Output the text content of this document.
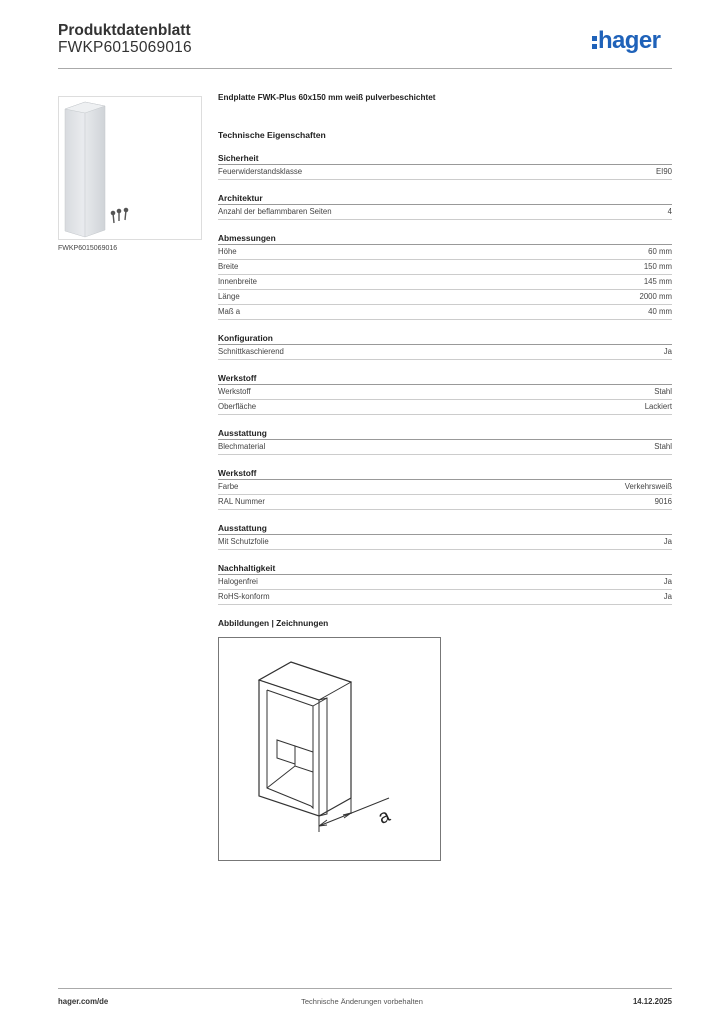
Produktdatenblatt
FWKP6015069016	hager
FWKP6015069016
Endplatte FWK-Plus 60x150 mm weiß pulverbeschichtet
Technische Eigenschaften
Sicherheit
Feuerwiderstandsklasse	EI90
Architektur
Anzahl der beflammbaren Seiten	4
Abmessungen
Höhe	60 mm
Breite	150 mm
Innenbreite	145 mm
Länge	2000 mm
Maß a	40 mm
Konfiguration
Schnittkaschierend	Ja
Werkstoff
Werkstoff	Stahl
Oberfläche	Lackiert
Ausstattung
Blechmaterial	Stahl
Werkstoff
Farbe	Verkehrsweiß
RAL Nummer	9016
Ausstattung
Mit Schutzfolie	Ja
Nachhaltigkeit
Halogenfrei	Ja
RoHS-konform	Ja
Abbildungen | Zeichnungen
a
hager.com/de	Technische Änderungen vorbehalten	14.12.2025
